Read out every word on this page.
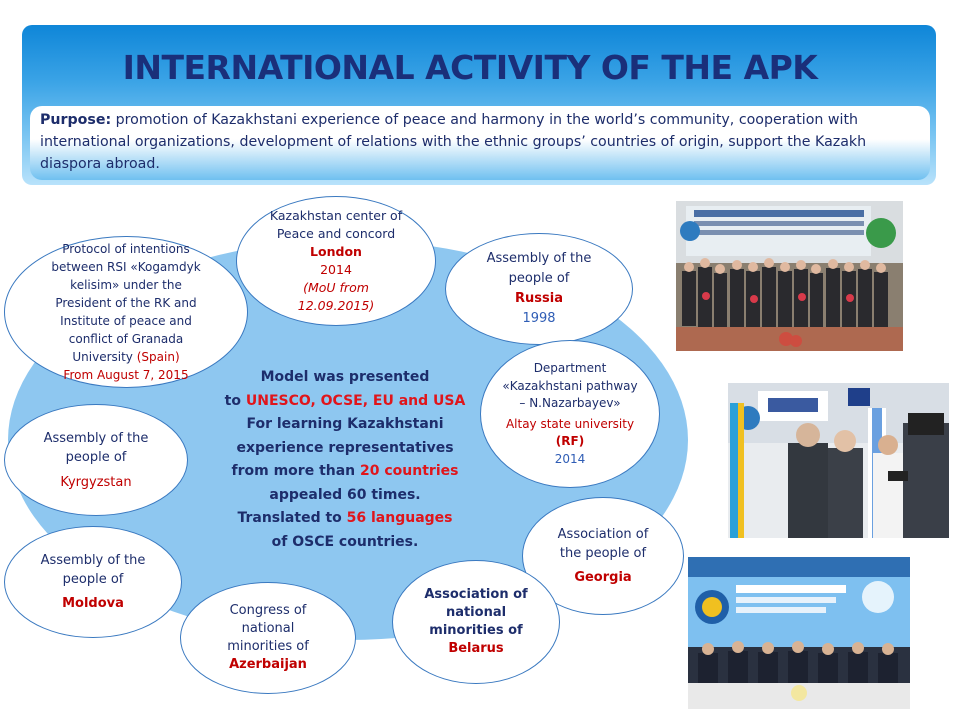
INTERNATIONAL ACTIVITY OF THE APK
Purpose: promotion of Kazakhstani experience of peace and harmony in the world’s community, cooperation with international organizations, development of relations with the ethnic groups’ countries of origin, support the Kazakh diaspora abroad.
Model was presented
to UNESCO, OCSE, EU and USA
For learning Kazakhstani
experience representatives
from more than 20 countries
appealed 60 times.
Translated to 56 languages
of OSCE countries.
Kazakhstan center of
Peace and concord
London
2014
(MoU from
12.09.2015)
Protocol of intentions
between RSI «Kogamdyk
kelisim» under the
President of the RK and
Institute of peace and
conflict of Granada
University (Spain)
From August 7, 2015
Assembly of the
people of
Russia
1998
Department
«Kazakhstani pathway
– N.Nazarbayev»
Altay state university
(RF)
2014
Assembly of the
people of
Kyrgyzstan
Association of
the people of
Georgia
Assembly of the
people of
Moldova	Congress of
national
minorities of
Azerbaijan
Association of
national
minorities of
Belarus
